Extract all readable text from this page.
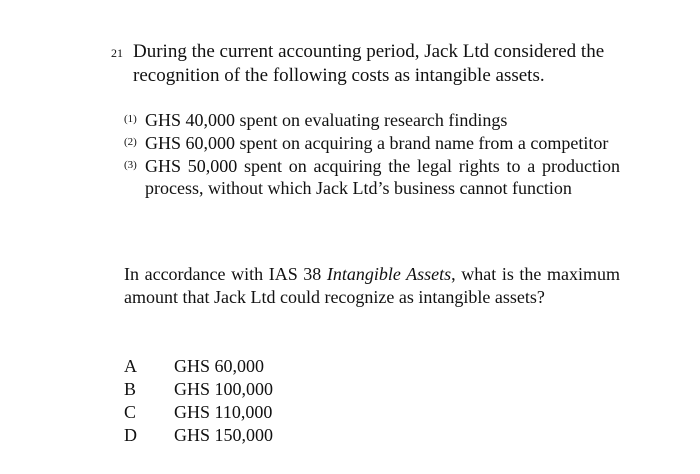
21 During the current accounting period, Jack Ltd considered the recognition of the following costs as intangible assets.
(1) GHS 40,000 spent on evaluating research findings
(2) GHS 60,000 spent on acquiring a brand name from a competitor
(3) GHS 50,000 spent on acquiring the legal rights to a production process, without which Jack Ltd’s business cannot function
In accordance with IAS 38 Intangible Assets, what is the maximum amount that Jack Ltd could recognize as intangible assets?
A	GHS 60,000
B	GHS 100,000
C	GHS 110,000
D	GHS 150,000
